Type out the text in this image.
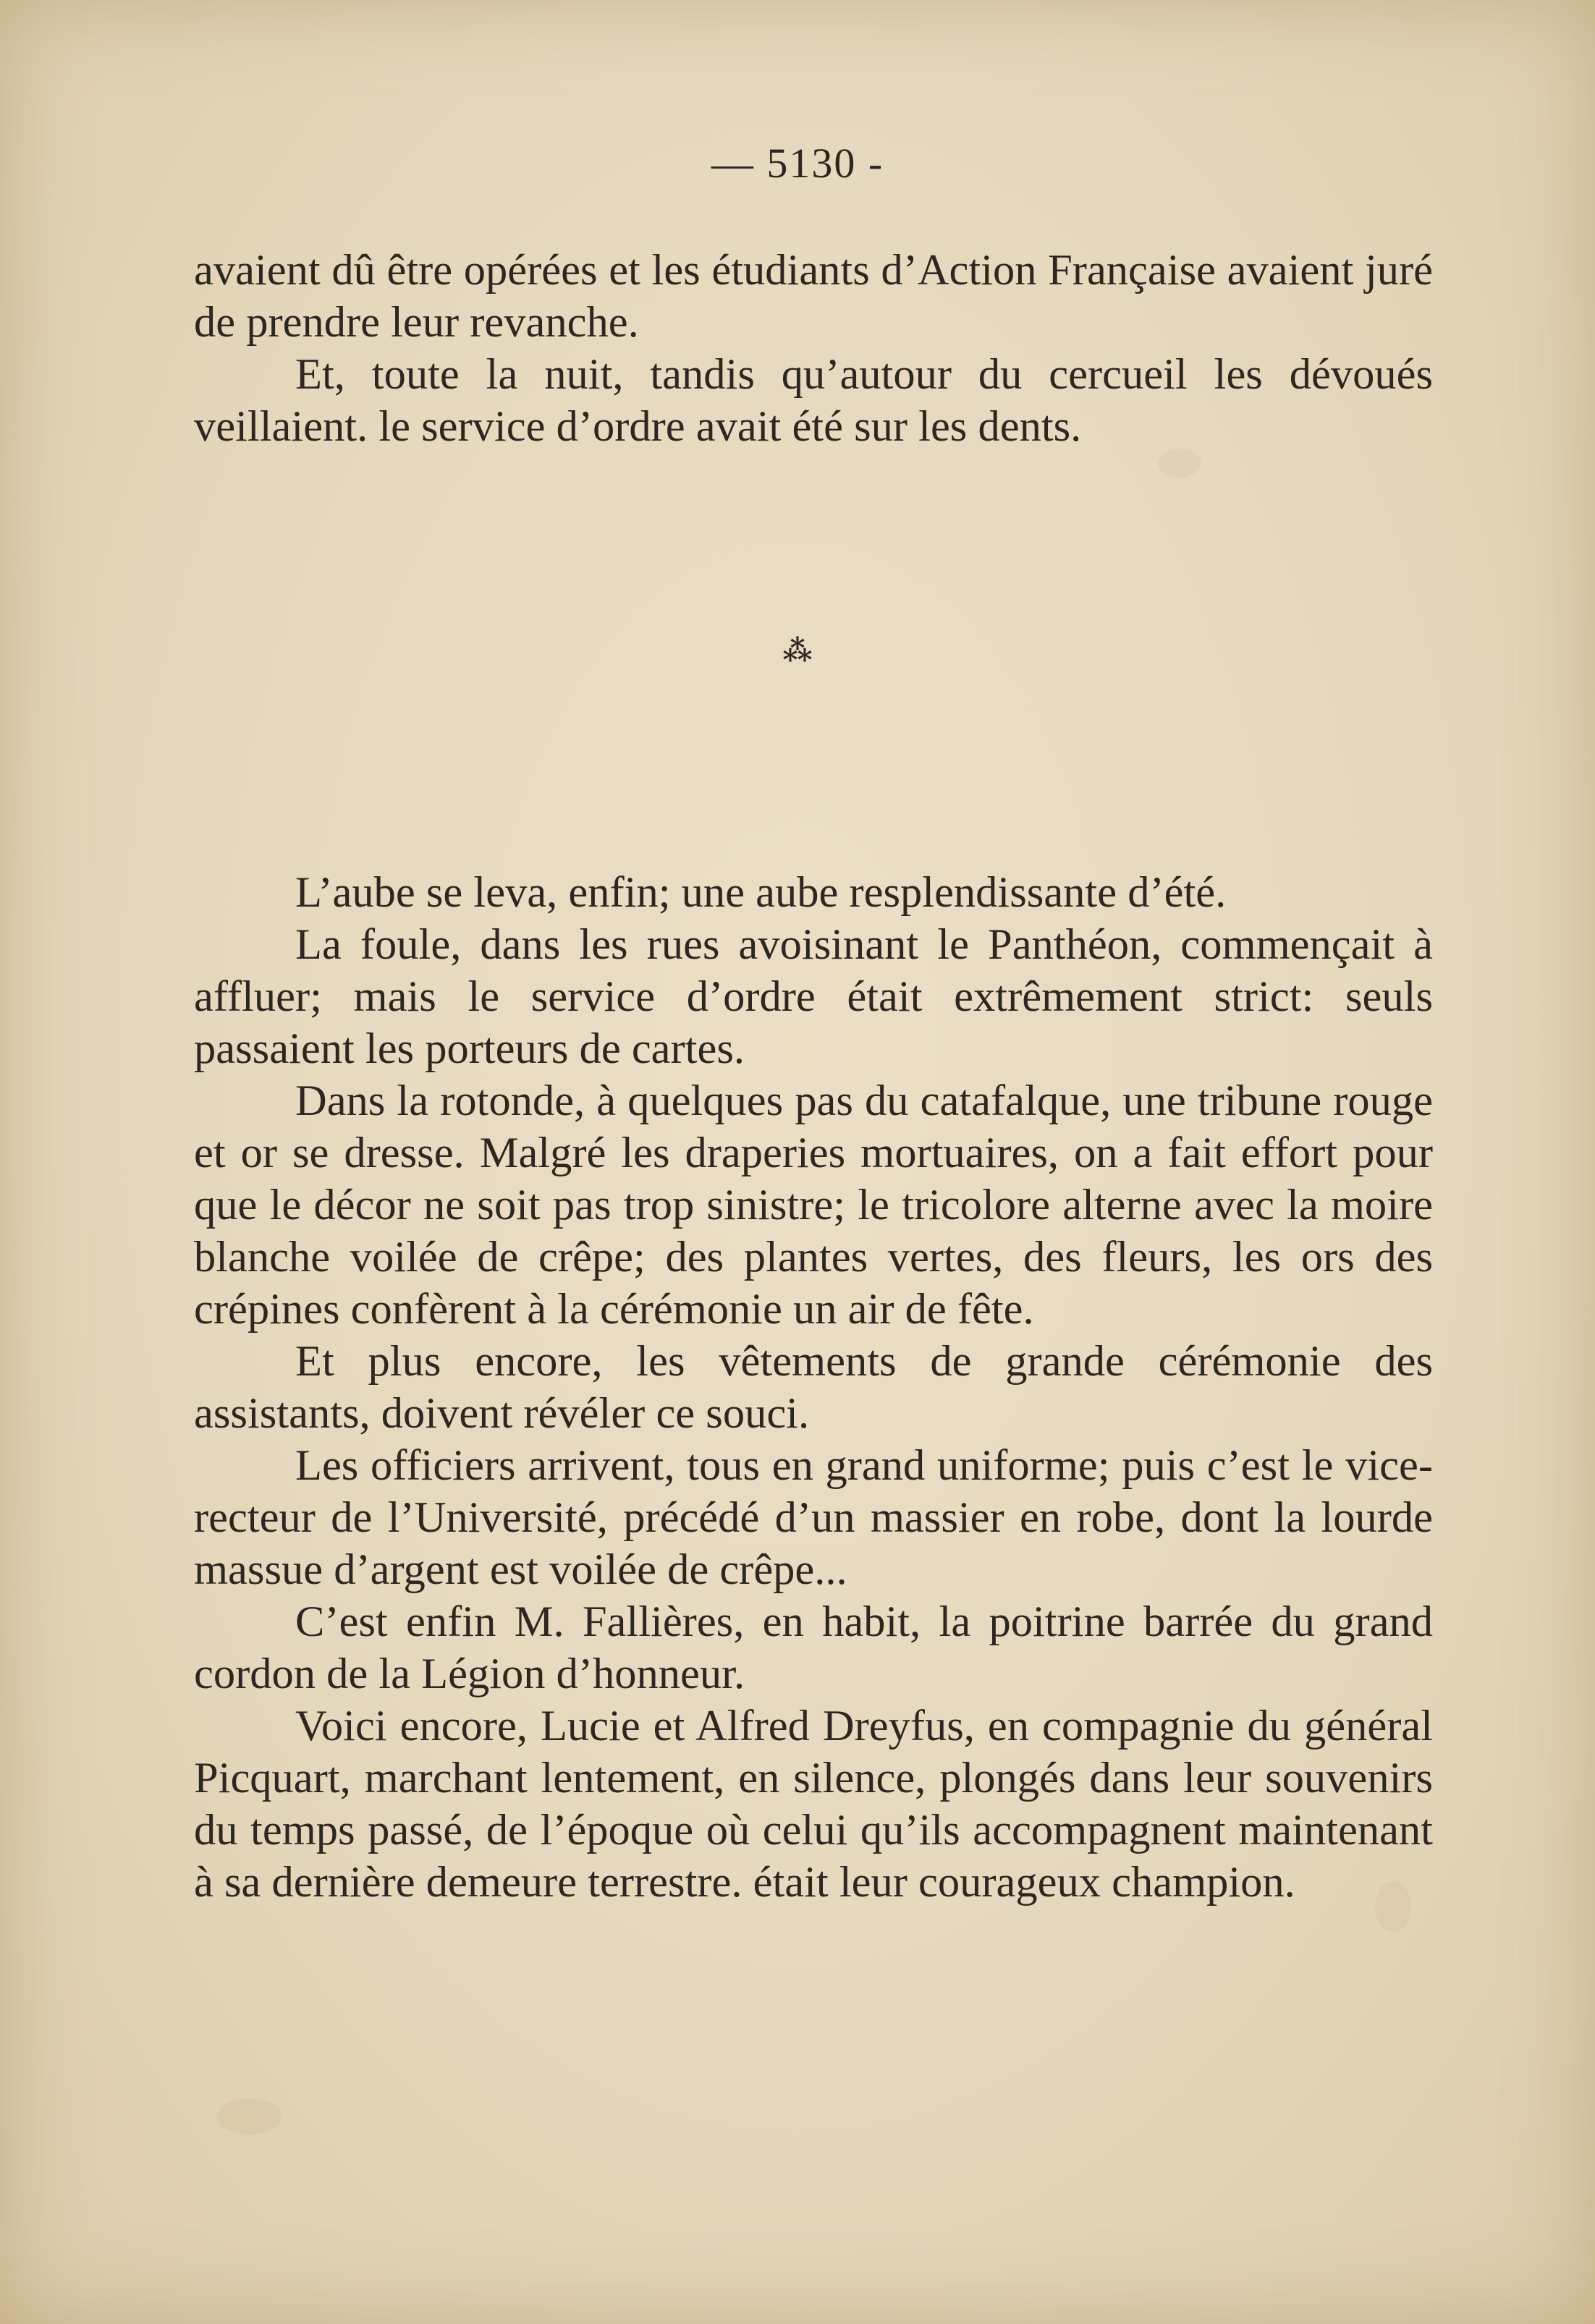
— 5130 -

avaient dû être opérées et les étudiants d’Action Française avaient juré de prendre leur revanche.

Et, toute la nuit, tandis qu’autour du cercueil les dévoués veillaient. le service d’ordre avait été sur les dents.

⁂

L’aube se leva, enfin; une aube resplendissante d’été.

La foule, dans les rues avoisinant le Panthéon, commençait à affluer; mais le service d’ordre était extrêmement strict: seuls passaient les porteurs de cartes.

Dans la rotonde, à quelques pas du catafalque, une tribune rouge et or se dresse. Malgré les draperies mortuaires, on a fait effort pour que le décor ne soit pas trop sinistre; le tricolore alterne avec la moire blanche voilée de crêpe; des plantes vertes, des fleurs, les ors des crépines confèrent à la cérémonie un air de fête.

Et plus encore, les vêtements de grande cérémonie des assistants, doivent révéler ce souci.

Les officiers arrivent, tous en grand uniforme; puis c’est le vice-recteur de l’Université, précédé d’un massier en robe, dont la lourde massue d’argent est voilée de crêpe...

C’est enfin M. Fallières, en habit, la poitrine barrée du grand cordon de la Légion d’honneur.

Voici encore, Lucie et Alfred Dreyfus, en compagnie du général Picquart, marchant lentement, en silence, plongés dans leur souvenirs du temps passé, de l’époque où celui qu’ils accompagnent maintenant à sa dernière demeure terrestre. était leur courageux champion.
